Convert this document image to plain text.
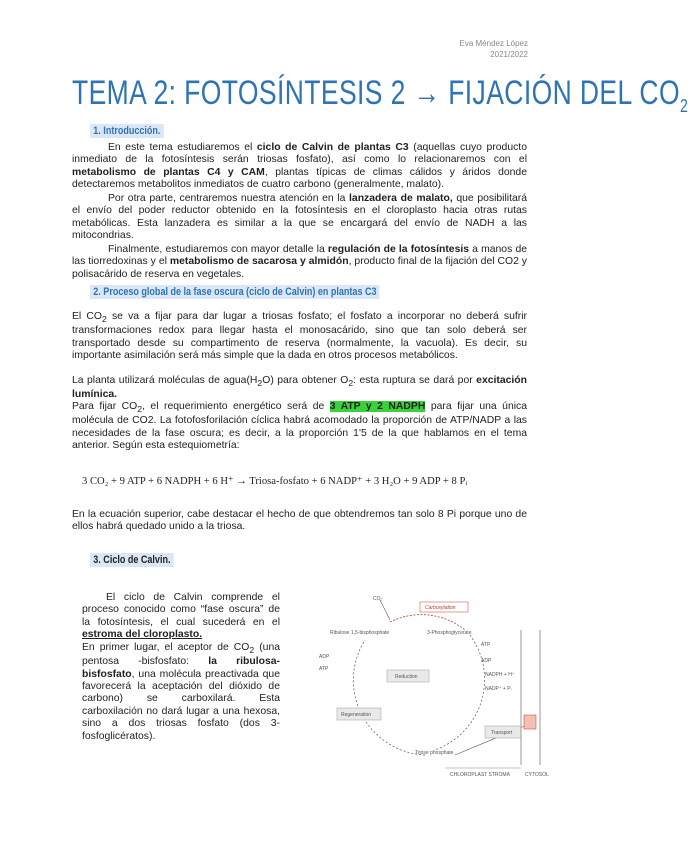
Eva Méndez López
2021/2022
TEMA 2: FOTOSÍNTESIS 2 → FIJACIÓN DEL $CO_2$
1. Introducción.
En este tema estudiaremos el ciclo de Calvin de plantas C3 (aquellas cuyo producto inmediato de la fotosíntesis serán triosas fosfato), así como lo relacionaremos con el metabolismo de plantas C4 y CAM, plantas típicas de climas cálidos y áridos donde detectaremos metabolitos inmediatos de cuatro carbono (generalmente, malato).
Por otra parte, centraremos nuestra atención en la lanzadera de malato, que posibilitará el envío del poder reductor obtenido en la fotosíntesis en el cloroplasto hacia otras rutas metabólicas. Esta lanzadera es similar a la que se encargará del envío de NADH a las mitocondrias.
Finalmente, estudiaremos con mayor detalle la regulación de la fotosíntesis a manos de las tiorredoxinas y el metabolismo de sacarosa y almidón, producto final de la fijación del CO2 y polisacárido de reserva en vegetales.
2. Proceso global de la fase oscura (ciclo de Calvin) en plantas C3
El $CO_2$ se va a fijar para dar lugar a triosas fosfato; el fosfato a incorporar no deberá sufrir transformaciones redox para llegar hasta el monosacárido, sino que tan solo deberá ser transportado desde su compartimento de reserva (normalmente, la vacuola). Es decir, su importante asimilación será más simple que la dada en otros procesos metabólicos.
La planta utilizará moléculas de $agua(H_2O)$ para obtener $O_2$: esta ruptura se dará por excitación lumínica.
Para fijar $CO_2$, el requerimiento energético será de 3 ATP y 2 NADPH para fijar una única molécula de CO2. La fotofosforilación cíclica habrá acomodado la proporción de ATP/NADP a las necesidades de la fase oscura; es decir, a la proporción 1'5 de la que hablamos en el tema anterior. Según esta estequiometría:
3 CO₂ + 9 ATP + 6 NADPH + 6 H⁺ → Triosa-fosfato + 6 NADP⁺ + 3 H₂O + 9 ADP + 8 Pᵢ
En la ecuación superior, cabe destacar el hecho de que obtendremos tan solo 8 Pi porque uno de ellos habrá quedado unido a la triosa.
3. Ciclo de Calvin.
El ciclo de Calvin comprende el proceso conocido como “fase oscura” de la fotosíntesis, el cual sucederá en el estroma del cloroplasto.
En primer lugar, el aceptor de $CO_2$ (una pentosa -bisfosfato: la ribulosa-bisfosfato, una molécula preactivada que favorecerá la aceptación del dióxido de carbono) se carboxilará. Esta carboxilación no dará lugar a una hexosa, sino a dos triosas fosfato (dos 3-fosfoglicératos).
CO₂
Carboxylation
Ribulose 1,5-bisphosphate	3-Phosphoglycerate
ATP
ADP
NADPH + H⁺
NADP⁺ + Pᵢ
ADP
ATP
Reduction
Regeneration
Triose phosphate
Transport
CHLOROPLAST STROMA	CYTOSOL
